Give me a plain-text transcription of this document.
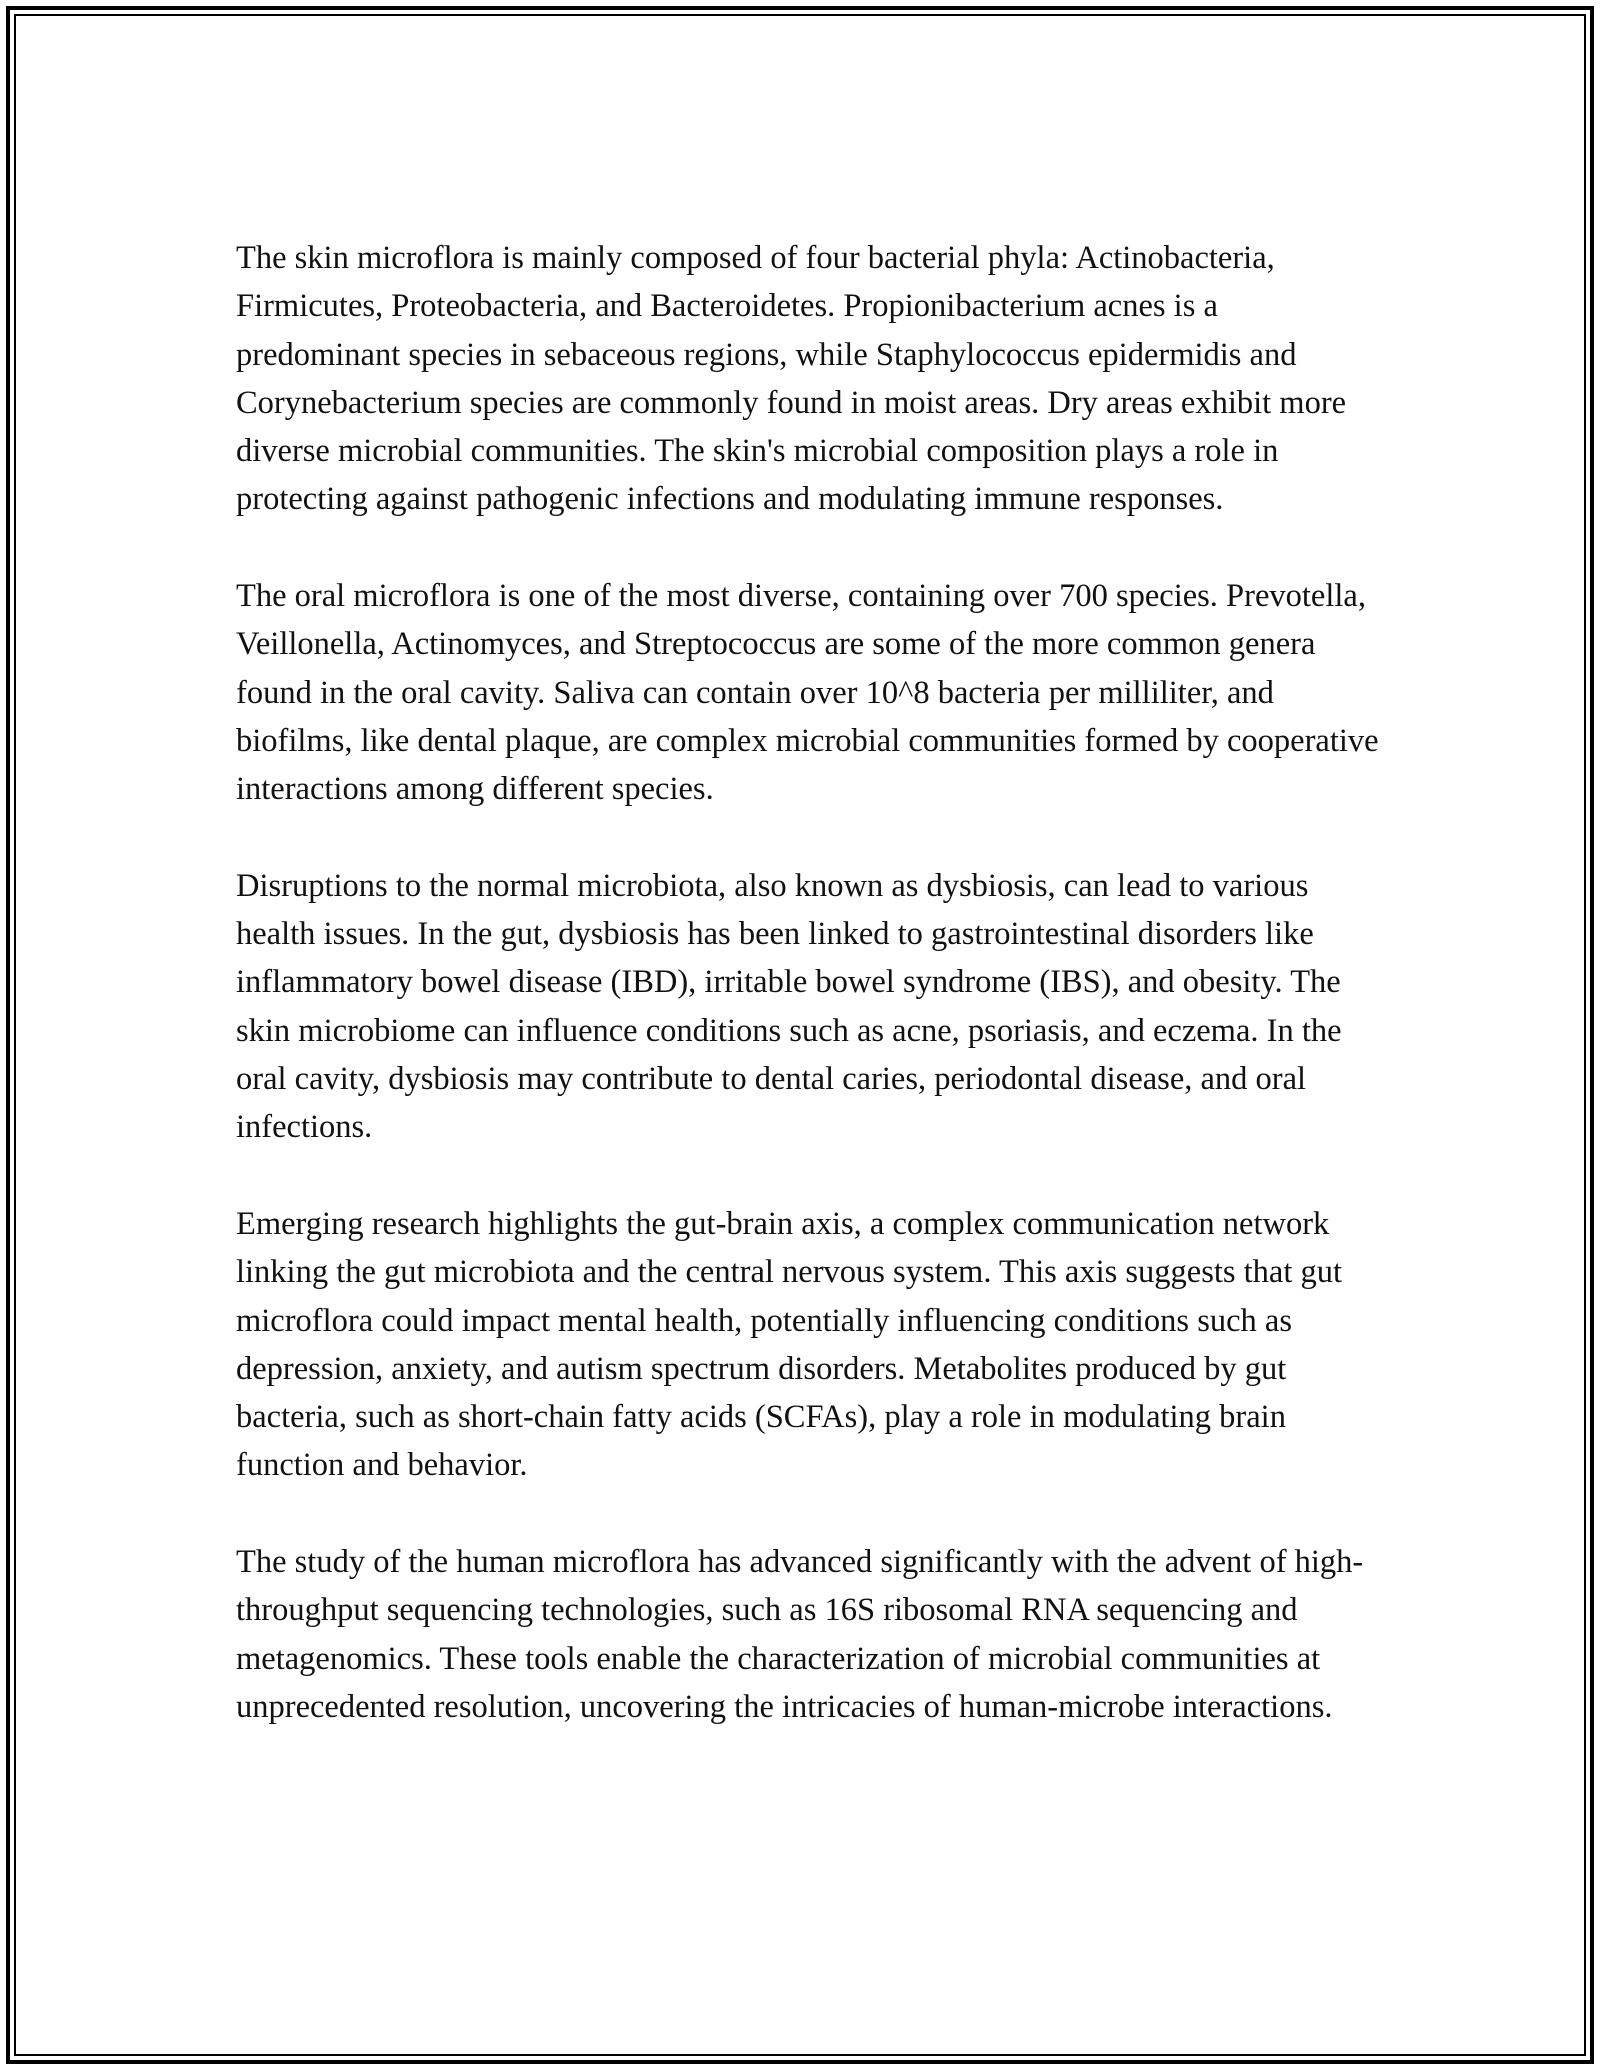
The skin microflora is mainly composed of four bacterial phyla: Actinobacteria, Firmicutes, Proteobacteria, and Bacteroidetes. Propionibacterium acnes is a predominant species in sebaceous regions, while Staphylococcus epidermidis and Corynebacterium species are commonly found in moist areas. Dry areas exhibit more diverse microbial communities. The skin's microbial composition plays a role in protecting against pathogenic infections and modulating immune responses.

The oral microflora is one of the most diverse, containing over 700 species. Prevotella, Veillonella, Actinomyces, and Streptococcus are some of the more common genera found in the oral cavity. Saliva can contain over 10^8 bacteria per milliliter, and biofilms, like dental plaque, are complex microbial communities formed by cooperative interactions among different species.

Disruptions to the normal microbiota, also known as dysbiosis, can lead to various health issues. In the gut, dysbiosis has been linked to gastrointestinal disorders like inflammatory bowel disease (IBD), irritable bowel syndrome (IBS), and obesity. The skin microbiome can influence conditions such as acne, psoriasis, and eczema. In the oral cavity, dysbiosis may contribute to dental caries, periodontal disease, and oral infections.

Emerging research highlights the gut-brain axis, a complex communication network linking the gut microbiota and the central nervous system. This axis suggests that gut microflora could impact mental health, potentially influencing conditions such as depression, anxiety, and autism spectrum disorders. Metabolites produced by gut bacteria, such as short-chain fatty acids (SCFAs), play a role in modulating brain function and behavior.

The study of the human microflora has advanced significantly with the advent of high-throughput sequencing technologies, such as 16S ribosomal RNA sequencing and metagenomics. These tools enable the characterization of microbial communities at unprecedented resolution, uncovering the intricacies of human-microbe interactions.
